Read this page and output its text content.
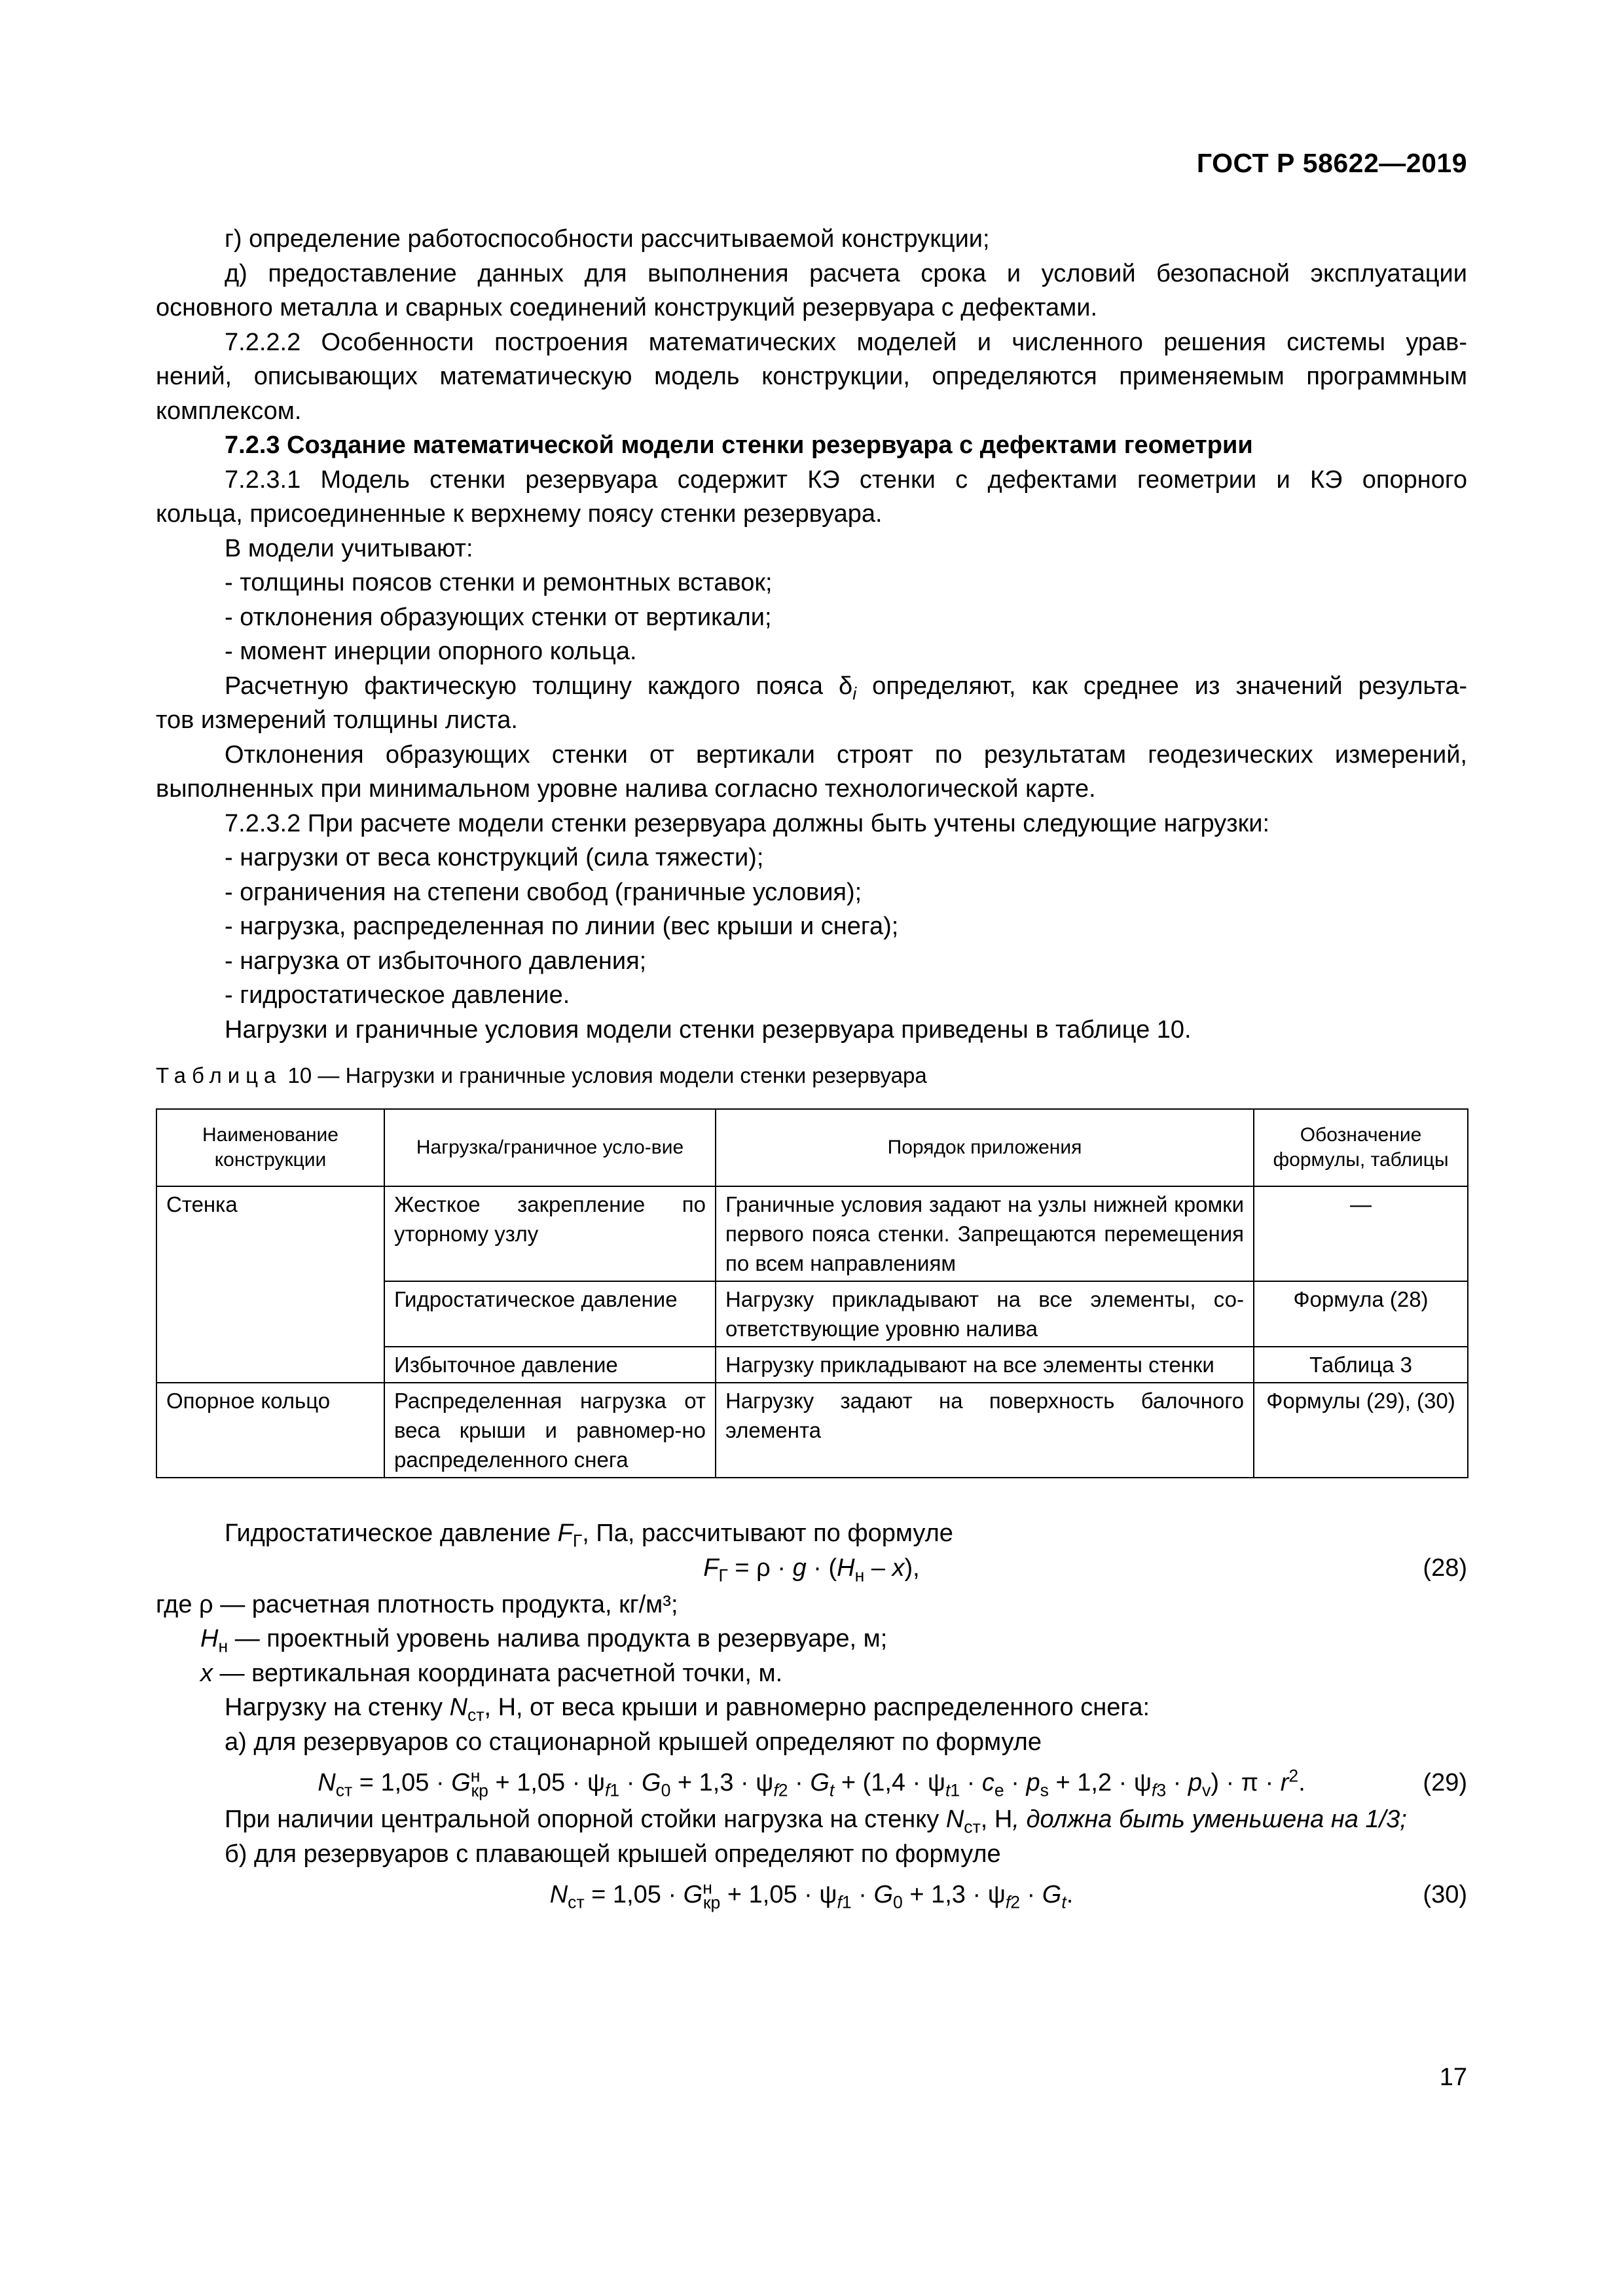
ГОСТ Р 58622—2019

г) определение работоспособности рассчитываемой конструкции;

д) предоставление данных для выполнения расчета срока и условий безопасной эксплуатации

основного металла и сварных соединений конструкций резервуара с дефектами.

7.2.2.2 Особенности построения математических моделей и численного решения системы урав-

нений, описывающих математическую модель конструкции, определяются применяемым программным

комплексом.

7.2.3 Создание математической модели стенки резервуара с дефектами геометрии

7.2.3.1 Модель стенки резервуара содержит КЭ стенки с дефектами геометрии и КЭ опорного

кольца, присоединенные к верхнему поясу стенки резервуара.

В модели учитывают:

- толщины поясов стенки и ремонтных вставок;

- отклонения образующих стенки от вертикали;

- момент инерции опорного кольца.

Расчетную фактическую толщину каждого пояса $\delta_i$ определяют, как среднее из значений результа-

тов измерений толщины листа.

Отклонения образующих стенки от вертикали строят по результатам геодезических измерений,

выполненных при минимальном уровне налива согласно технологической карте.

7.2.3.2 При расчете модели стенки резервуара должны быть учтены следующие нагрузки:

- нагрузки от веса конструкций (сила тяжести);

- ограничения на степени свобод (граничные условия);

- нагрузка, распределенная по линии (вес крыши и снега);

- нагрузка от избыточного давления;

- гидростатическое давление.

Нагрузки и граничные условия модели стенки резервуара приведены в таблице 10.

Таблица 10 — Нагрузки и граничные условия модели стенки резервуара

Наименование конструкции	Нагрузка/граничное усло-вие	Порядок приложения	Обозначение формулы, таблицы
Стенка	Жесткое закрепление по уторному узлу	Граничные условия задают на узлы нижней кромки первого пояса стенки. Запрещаются перемещения по всем направлениям	—
	Гидростатическое давление	Нагрузку прикладывают на все элементы, со-ответствующие уровню налива	Формула (28)
	Избыточное давление	Нагрузку прикладывают на все элементы стенки	Таблица 3
Опорное кольцо	Распределенная нагрузка от веса крыши и равномер-но распределенного снега	Нагрузку задают на поверхность балочного элемента	Формулы (29), (30)

Гидростатическое давление $F_Г$, Па, рассчитывают по формуле

$F_Г = \rho \cdot g \cdot (H_н - x)$,	(28)

где ρ — расчетная плотность продукта, кг/м³;

$H_н$ — проектный уровень налива продукта в резервуаре, м;

x — вертикальная координата расчетной точки, м.

Нагрузку на стенку $N_{ст}$, Н, от веса крыши и равномерно распределенного снега:

а) для резервуаров со стационарной крышей определяют по формуле

$N_{ст} = 1,05 \cdot G^н_{кр} + 1,05 \cdot \psi_{f1} \cdot G_0 + 1,3 \cdot \psi_{f2} \cdot G_t + (1,4 \cdot \psi_{t1} \cdot c_e \cdot p_s + 1,2 \cdot \psi_{f3} \cdot p_v) \cdot \pi \cdot r^2$.	(29)

При наличии центральной опорной стойки нагрузка на стенку $N_{ст}$, Н, должна быть уменьшена на 1/3;

б) для резервуаров с плавающей крышей определяют по формуле

$N_{ст} = 1,05 \cdot G^н_{кр} + 1,05 \cdot \psi_{f1} \cdot G_0 + 1,3 \cdot \psi_{f2} \cdot G_t$.	(30)
17
